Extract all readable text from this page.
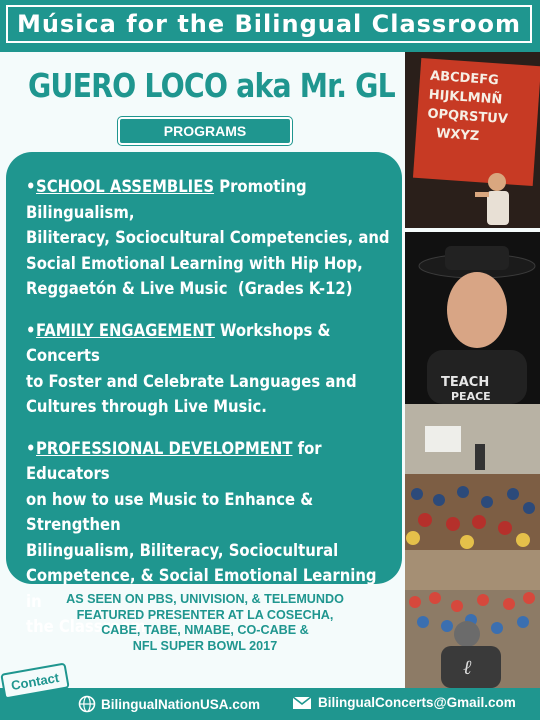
Música for the Bilingual Classroom
GUERO LOCO aka Mr. GL
PROGRAMS
•SCHOOL ASSEMBLIES Promoting Bilingualism,
Biliteracy, Sociocultural Competencies, and
Social Emotional Learning with Hip Hop,
Reggaetón & Live Music  (Grades K-12)
•FAMILY ENGAGEMENT Workshops & Concerts
to Foster and Celebrate Languages and
Cultures through Live Music.
•PROFESSIONAL DEVELOPMENT for Educators
on how to use Music to Enhance & Strengthen
Bilingualism, Biliteracy, Sociocultural
Competence, & Social Emotional Learning in
the Classroom.
ABCDEFG
HIJKLMNÑ
OPQRSTUV
WXYZ
TEACH
PEACE
ℓ
AS SEEN ON PBS, UNIVISION, & TELEMUNDO
FEATURED PRESENTER AT LA COSECHA,
CABE, TABE, NMABE, CO-CABE &
NFL SUPER BOWL 2017
BilingualNationUSA.com	BilingualConcerts@Gmail.com
Contact
